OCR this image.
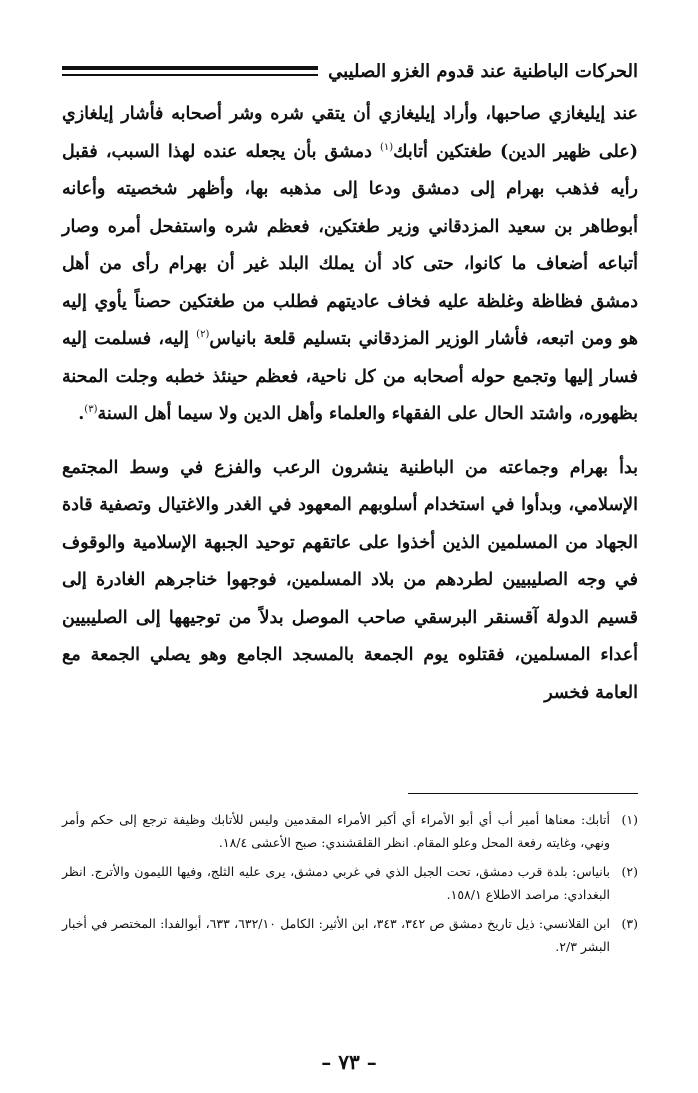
الحركات الباطنية عند قدوم الغزو الصليبي

عند إيليغازي صاحبها، وأراد إيليغازي أن يتقي شره وشر أصحابه فأشار إيلغازي (على ظهير الدين) طغتكين أتابك$^{(١)}$ دمشق بأن يجعله عنده لهذا السبب، فقبل رأيه فذهب بهرام إلى دمشق ودعا إلى مذهبه بها، وأظهر شخصيته وأعانه أبوطاهر بن سعيد المزدقاني وزير طغتكين، فعظم شره واستفحل أمره وصار أتباعه أضعاف ما كانوا، حتى كاد أن يملك البلد غير أن بهرام رأى من أهل دمشق فظاظة وغلظة عليه فخاف عاديتهم فطلب من طغتكين حصناً يأوي إليه هو ومن اتبعه، فأشار الوزير المزدقاني بتسليم قلعة بانياس$^{(٢)}$ إليه، فسلمت إليه فسار إليها وتجمع حوله أصحابه من كل ناحية، فعظم حينئذ خطبه وجلت المحنة بظهوره، واشتد الحال على الفقهاء والعلماء وأهل الدين ولا سيما أهل السنة$^{(٣)}$.

بدأ بهرام وجماعته من الباطنية ينشرون الرعب والفزع في وسط المجتمع الإسلامي، وبدأوا في استخدام أسلوبهم المعهود في الغدر والاغتيال وتصفية قادة الجهاد من المسلمين الذين أخذوا على عاتقهم توحيد الجبهة الإسلامية والوقوف في وجه الصليبيين لطردهم من بلاد المسلمين، فوجهوا خناجرهم الغادرة إلى قسيم الدولة آقسنقر البرسقي صاحب الموصل بدلاً من توجيهها إلى الصليبيين أعداء المسلمين، فقتلوه يوم الجمعة بالمسجد الجامع وهو يصلي الجمعة مع العامة فخسر

(١)
أتابك: معناها أمير أب أي أبو الأمراء أي أكبر الأمراء المقدمين وليس للأتابك وظيفة ترجع إلى حكم وأمر ونهي، وغايته رفعة المحل وعلو المقام. انظر القلقشندي: صبح الأعشى ١٨/٤.

(٢)
بانياس: بلدة قرب دمشق، تحت الجبل الذي في غربي دمشق، يرى عليه الثلج، وفيها الليمون والأترج. انظر البغدادي: مراصد الاطلاع ١٥٨/١.

(٣)
ابن القلانسي: ذيل تاريخ دمشق ص ٣٤٢، ٣٤٣، ابن الأثير: الكامل ٦٣٢/١٠، ٦٣٣، أبوالفدا: المختصر في أخبار البشر ٢/٣.

– ٧٣ –
